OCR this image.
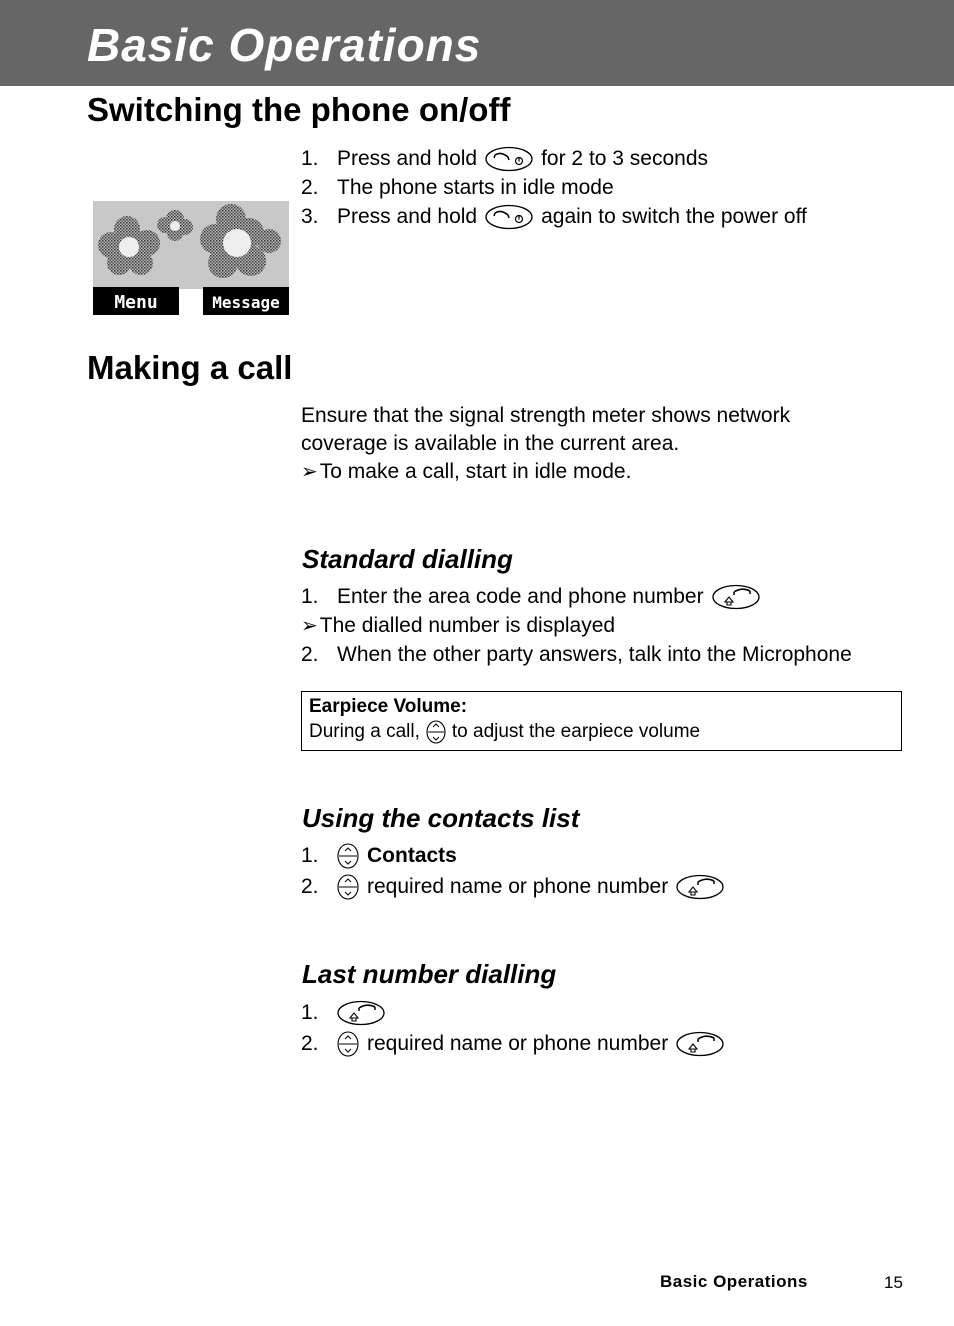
Basic Operations
Switching the phone on/off
1. Press and hold	for 2 to 3 seconds
2. The phone starts in idle mode
3. Press and hold	again to switch the power off
Menu	Message
Making a call
Ensure that the signal strength meter shows network
coverage is available in the current area.
➢To make a call, start in idle mode.
Standard dialling
1. Enter the area code and phone number
➢ The dialled number is displayed
2. When the other party answers, talk into the Microphone
Earpiece Volume:
During a call, to adjust the earpiece volume
Using the contacts list
1.	Contacts
2.	required name or phone number
Last number dialling
1.
2.	required name or phone number
Basic Operations	15
